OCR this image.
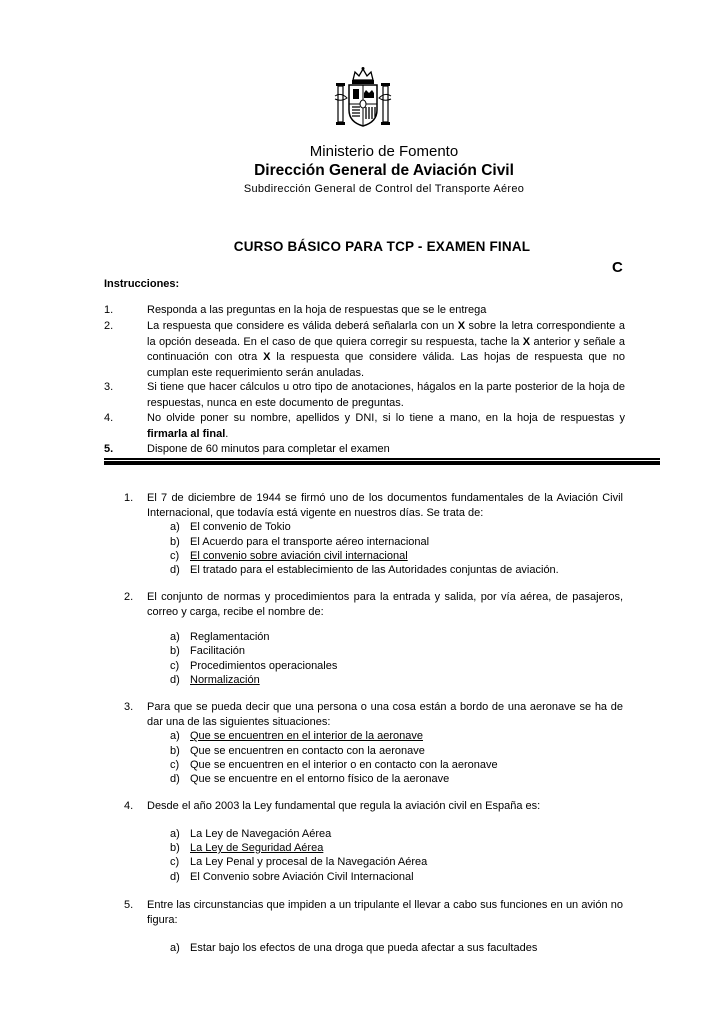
Ministerio de Fomento
Dirección General de Aviación Civil
Subdirección General de Control del Transporte Aéreo
CURSO BÁSICO PARA TCP - EXAMEN FINAL
C
Instrucciones:
1.	Responda a las preguntas en la hoja de respuestas que se le entrega
2.	La respuesta que considere es válida deberá señalarla con un X sobre la letra correspondiente a la opción deseada. En el caso de que quiera corregir su respuesta, tache la X anterior y señale a continuación con otra X la respuesta que considere válida. Las hojas de respuesta que no cumplan este requerimiento serán anuladas.
3.	Si tiene que hacer cálculos u otro tipo de anotaciones, hágalos en la parte posterior de la hoja de respuestas, nunca en este documento de preguntas.
4.	No olvide poner su nombre, apellidos y DNI, si lo tiene a mano, en la hoja de respuestas y firmarla al final.
5.	Dispone de 60 minutos para completar el examen
1. El 7 de diciembre de 1944 se firmó uno de los documentos fundamentales de la Aviación Civil Internacional, que todavía está vigente en nuestros días. Se trata de:
a) El convenio de Tokio
b) El Acuerdo para el transporte aéreo internacional
c) El convenio sobre aviación civil internacional
d) El tratado para el establecimiento de las Autoridades conjuntas de aviación.
2. El conjunto de normas y procedimientos para la entrada y salida, por vía aérea, de pasajeros, correo y carga, recibe el nombre de:
a) Reglamentación
b) Facilitación
c) Procedimientos operacionales
d) Normalización
3. Para que se pueda decir que una persona o una cosa están a bordo de una aeronave se ha de dar una de las siguientes situaciones:
a) Que se encuentren en el interior de la aeronave
b) Que se encuentren en contacto con la aeronave
c) Que se encuentren en el interior o en contacto con la aeronave
d) Que se encuentre en el entorno físico de la aeronave
4. Desde el año 2003 la Ley fundamental que regula la aviación civil en España es:
a) La Ley de Navegación Aérea
b) La Ley de Seguridad Aérea
c) La Ley Penal y procesal de la Navegación Aérea
d) El Convenio sobre Aviación Civil Internacional
5. Entre las circunstancias que impiden a un tripulante el llevar a cabo sus funciones en un avión no figura:
a) Estar bajo los efectos de una droga que pueda afectar a sus facultades
